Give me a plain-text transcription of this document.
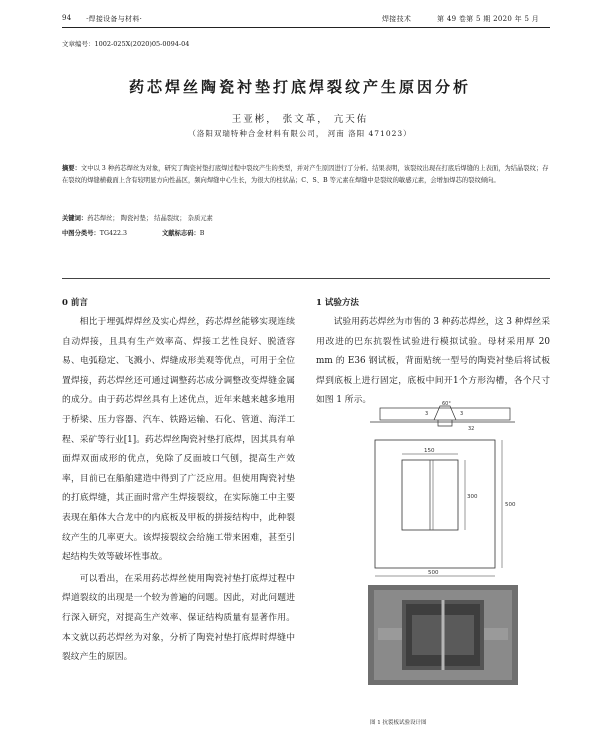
94 ·焊接设备与材料·	焊接技术	第 49 卷第 5 期 2020 年 5 月
文章编号：1002-025X(2020)05-0094-04
药芯焊丝陶瓷衬垫打底焊裂纹产生原因分析
王亚彬， 张文革， 亢天佑
（洛阳双瑞特种合金材料有限公司， 河南 洛阳 471023）
摘要：文中以 3 种药芯焊丝为对象，研究了陶瓷衬垫打底焊过程中裂纹产生的类型，并对产生原因进行了分析。结果表明，该裂纹出现在打底后焊缝的上表面，为结晶裂纹；存在裂纹的焊缝横截面上含有较明显方向性晶区，频向焊缝中心生长，为很大的柱状晶；C、S、B 等元素在焊缝中是裂纹的敏感元素，会增加焊芯的裂纹倾向。
关键词：药芯焊丝； 陶瓷衬垫； 结晶裂纹； 杂质元素
中图分类号：TG422.3	文献标志码：B
0 前言

相比于埋弧焊焊丝及实心焊丝，药芯焊丝能够实现连续自动焊接，且具有生产效率高、焊接工艺性良好、脱渣容易、电弧稳定、飞溅小、焊缝成形美观等优点，可用于全位置焊接，药芯焊丝还可通过调整药芯成分调整改变焊缝金属的成分。由于药芯焊丝具有上述优点，近年来越来越多地用于桥梁、压力容器、汽车、铁路运输、石化、管道、海洋工程、采矿等行业[1]。药芯焊丝陶瓷衬垫打底焊，因其具有单面焊双面成形的优点，免除了反面坡口气刨，提高生产效率，目前已在船舶建造中得到了广泛应用。但使用陶瓷衬垫的打底焊缝，其正面时常产生焊接裂纹，在实际施工中主要表现在船体大合龙中的内底板及甲板的拼接结构中，此种裂纹产生的几率更大。该焊接裂纹会给施工带来困难，甚至引起结构失效等破坏性事故。

可以看出，在采用药芯焊丝使用陶瓷衬垫打底焊过程中焊道裂纹的出现是一个较为普遍的问题。因此，对此问题进行深入研究，对提高生产效率、保证结构质量有显著作用。本文就以药芯焊丝为对象，分析了陶瓷衬垫打底焊时焊缝中裂纹产生的原因。

1 试验方法

试验用药芯焊丝为市售的 3 种药芯焊丝，这 3 种焊丝采用改进的巴东抗裂性试验进行模拟试验。母材采用厚 20 mm 的 E36 钢试板，背面贴统一型号的陶瓷衬垫后将试板焊到底板上进行固定，底板中间开1个方形沟槽，各个尺寸如图 1 所示。	60°
3	3
32
150
300
500
500
图 1 抗裂板试验设计图
